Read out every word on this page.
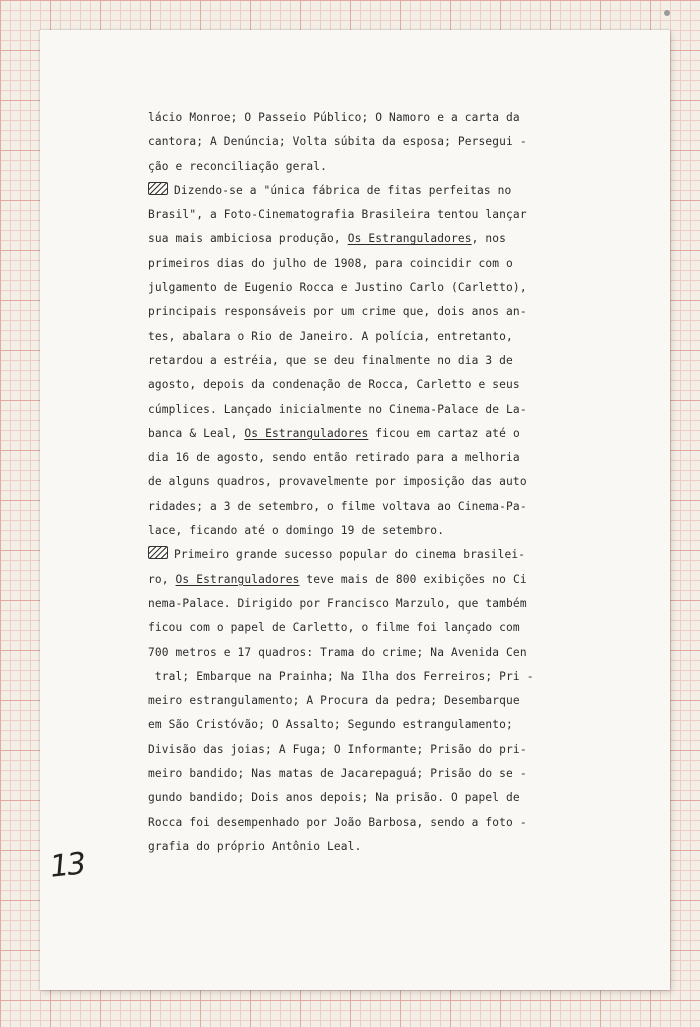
lácio Monroe; O Passeio Público; O Namoro e a carta da
cantora; A Denúncia; Volta súbita da esposa; Persegui -
ção e reconciliação geral.
Dizendo-se a "única fábrica de fitas perfeitas no
Brasil", a Foto-Cinematografia Brasileira tentou lançar
sua mais ambiciosa produção, Os Estranguladores, nos
primeiros dias do julho de 1908, para coincidir com o
julgamento de Eugenio Rocca e Justino Carlo (Carletto),
principais responsáveis por um crime que, dois anos an-
tes, abalara o Rio de Janeiro. A polícia, entretanto,
retardou a estréia, que se deu finalmente no dia 3 de
agosto, depois da condenação de Rocca, Carletto e seus
cúmplices. Lançado inicialmente no Cinema-Palace de La-
banca & Leal, Os Estranguladores ficou em cartaz até o
dia 16 de agosto, sendo então retirado para a melhoria
de alguns quadros, provavelmente por imposição das auto
ridades; a 3 de setembro, o filme voltava ao Cinema-Pa-
lace, ficando até o domingo 19 de setembro.
Primeiro grande sucesso popular do cinema brasilei-
ro, Os Estranguladores teve mais de 800 exibições no Ci
nema-Palace. Dirigido por Francisco Marzulo, que também
ficou com o papel de Carletto, o filme foi lançado com
700 metros e 17 quadros: Trama do crime; Na Avenida Cen
tral; Embarque na Prainha; Na Ilha dos Ferreiros; Pri -
meiro estrangulamento; A Procura da pedra; Desembarque
em São Cristóvão; O Assalto; Segundo estrangulamento;
Divisão das joias; A Fuga; O Informante; Prisão do pri-
meiro bandido; Nas matas de Jacarepaguá; Prisão do se -
gundo bandido; Dois anos depois; Na prisão. O papel de
Rocca foi desempenhado por João Barbosa, sendo a foto -
grafia do próprio Antônio Leal.
13
